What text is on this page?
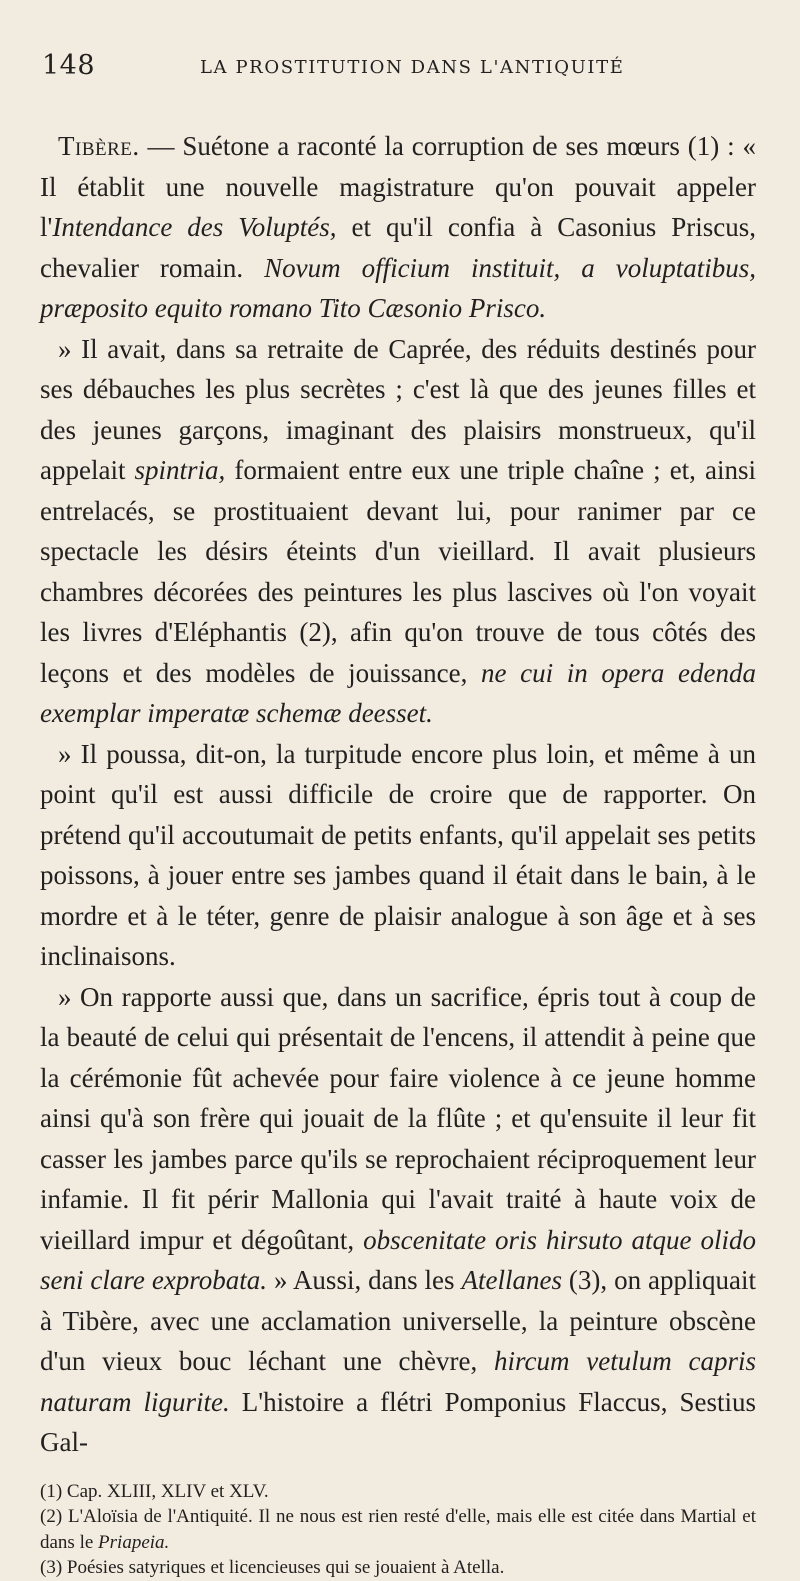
148	LA PROSTITUTION DANS L'ANTIQUITÉ

Tibère. — Suétone a raconté la corruption de ses mœurs (1) : « Il établit une nouvelle magistrature qu'on pouvait appeler l'Intendance des Voluptés, et qu'il confia à Casonius Priscus, chevalier romain. Novum officium instituit, a voluptatibus, præposito equito romano Tito Cæsonio Prisco.

» Il avait, dans sa retraite de Caprée, des réduits destinés pour ses débauches les plus secrètes ; c'est là que des jeunes filles et des jeunes garçons, imaginant des plaisirs monstrueux, qu'il appelait spintria, formaient entre eux une triple chaîne ; et, ainsi entrelacés, se prostituaient devant lui, pour ranimer par ce spectacle les désirs éteints d'un vieillard. Il avait plusieurs chambres décorées des peintures les plus lascives où l'on voyait les livres d'Eléphantis (2), afin qu'on trouve de tous côtés des leçons et des modèles de jouissance, ne cui in opera edenda exemplar imperatæ schemæ deesset.

» Il poussa, dit-on, la turpitude encore plus loin, et même à un point qu'il est aussi difficile de croire que de rapporter. On prétend qu'il accoutumait de petits enfants, qu'il appelait ses petits poissons, à jouer entre ses jambes quand il était dans le bain, à le mordre et à le téter, genre de plaisir analogue à son âge et à ses inclinaisons.

» On rapporte aussi que, dans un sacrifice, épris tout à coup de la beauté de celui qui présentait de l'encens, il attendit à peine que la cérémonie fût achevée pour faire violence à ce jeune homme ainsi qu'à son frère qui jouait de la flûte ; et qu'ensuite il leur fit casser les jambes parce qu'ils se reprochaient réciproquement leur infamie. Il fit périr Mallonia qui l'avait traité à haute voix de vieillard impur et dégoûtant, obscenitate oris hirsuto atque olido seni clare exprobata. » Aussi, dans les Atellanes (3), on appliquait à Tibère, avec une acclamation universelle, la peinture obscène d'un vieux bouc léchant une chèvre, hircum vetulum capris naturam ligurite. L'histoire a flétri Pomponius Flaccus, Sestius Gal-

(1) Cap. XLIII, XLIV et XLV.

(2) L'Aloïsia de l'Antiquité. Il ne nous est rien resté d'elle, mais elle est citée dans Martial et dans le Priapeia.

(3) Poésies satyriques et licencieuses qui se jouaient à Atella.
